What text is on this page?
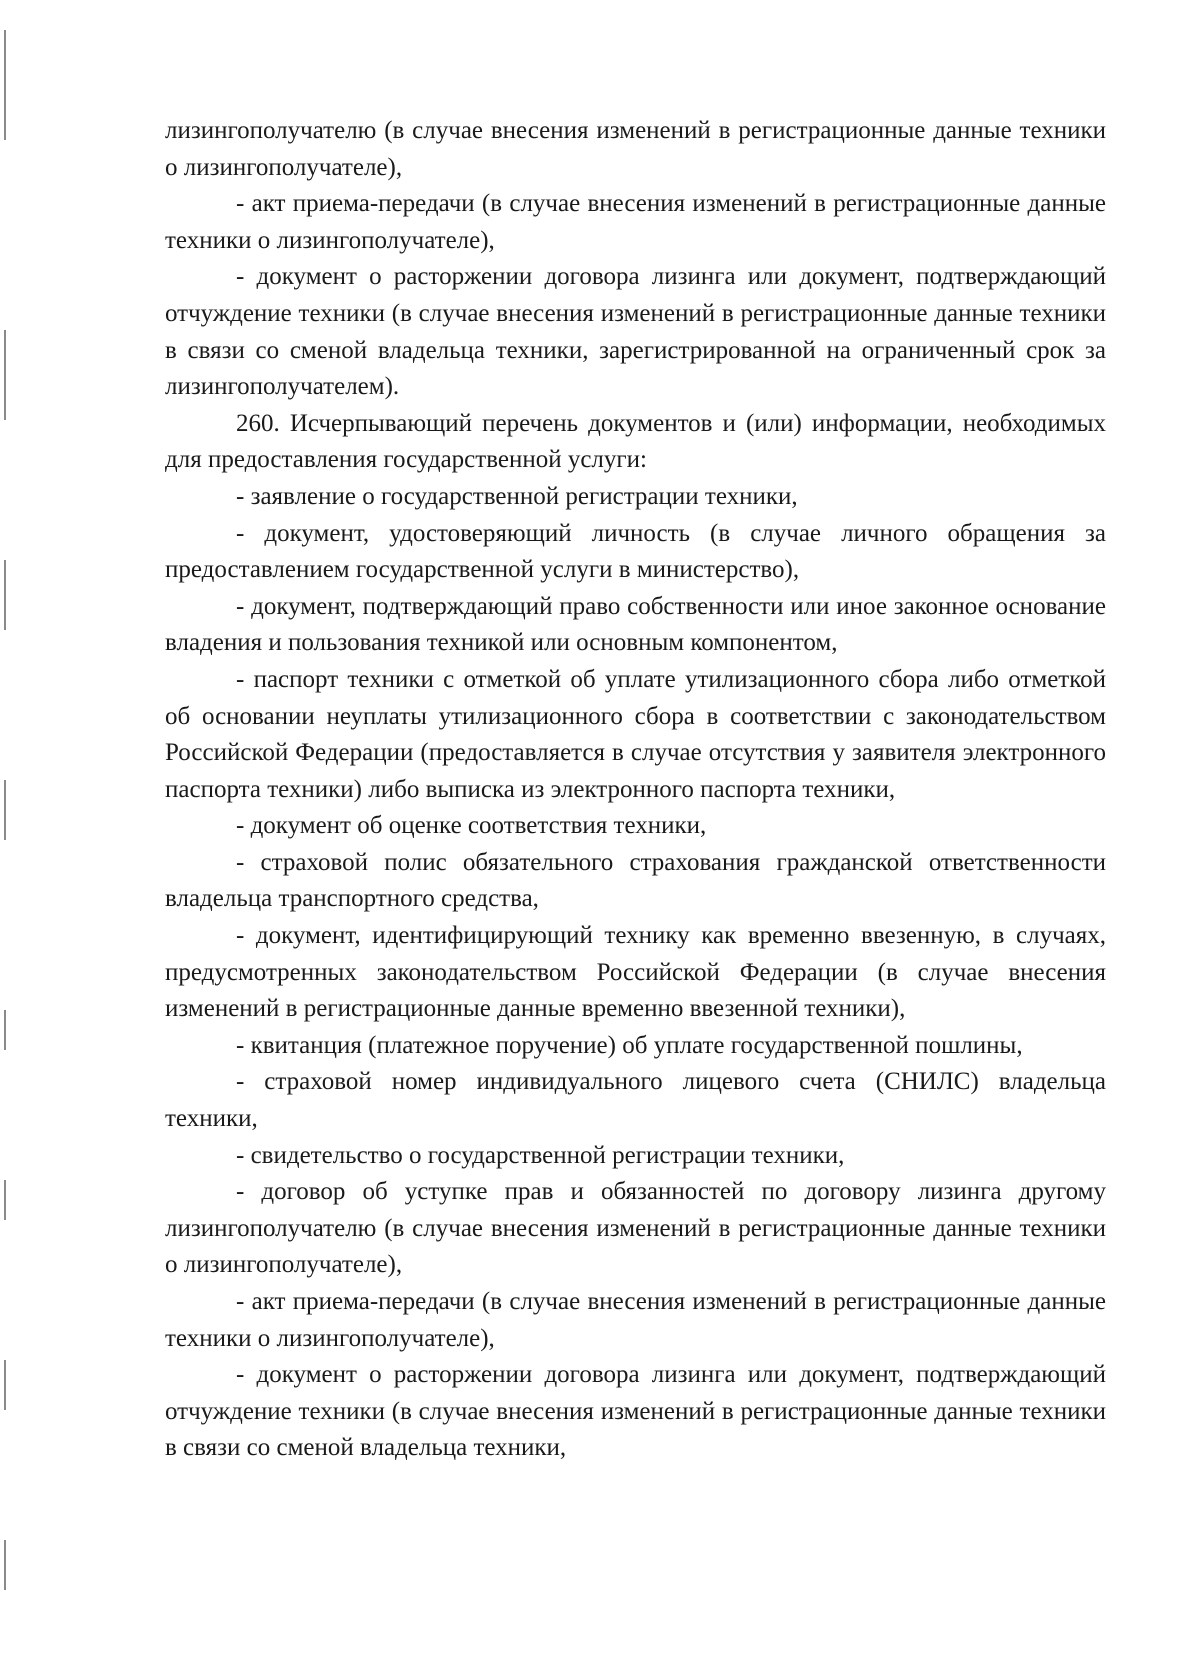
лизингополучателю (в случае внесения изменений в регистрационные данные техники о лизингополучателе),

- акт приема-передачи (в случае внесения изменений в регистрационные данные техники о лизингополучателе),

- документ о расторжении договора лизинга или документ, подтверждающий отчуждение техники (в случае внесения изменений в регистрационные данные техники в связи со сменой владельца техники, зарегистрированной на ограниченный срок за лизингополучателем).

260. Исчерпывающий перечень документов и (или) информации, необходимых для предоставления государственной услуги:

- заявление о государственной регистрации техники,

- документ, удостоверяющий личность (в случае личного обращения за предоставлением государственной услуги в министерство),

- документ, подтверждающий право собственности или иное законное основание владения и пользования техникой или основным компонентом,

- паспорт техники с отметкой об уплате утилизационного сбора либо отметкой об основании неуплаты утилизационного сбора в соответствии с законодательством Российской Федерации (предоставляется в случае отсутствия у заявителя электронного паспорта техники) либо выписка из электронного паспорта техники,

- документ об оценке соответствия техники,

- страховой полис обязательного страхования гражданской ответственности владельца транспортного средства,

- документ, идентифицирующий технику как временно ввезенную, в случаях, предусмотренных законодательством Российской Федерации (в случае внесения изменений в регистрационные данные временно ввезенной техники),

- квитанция (платежное поручение) об уплате государственной пошлины,

- страховой номер индивидуального лицевого счета (СНИЛС) владельца техники,

- свидетельство о государственной регистрации техники,

- договор об уступке прав и обязанностей по договору лизинга другому лизингополучателю (в случае внесения изменений в регистрационные данные техники о лизингополучателе),

- акт приема-передачи (в случае внесения изменений в регистрационные данные техники о лизингополучателе),

- документ о расторжении договора лизинга или документ, подтверждающий отчуждение техники (в случае внесения изменений в регистрационные данные техники в связи со сменой владельца техники,
